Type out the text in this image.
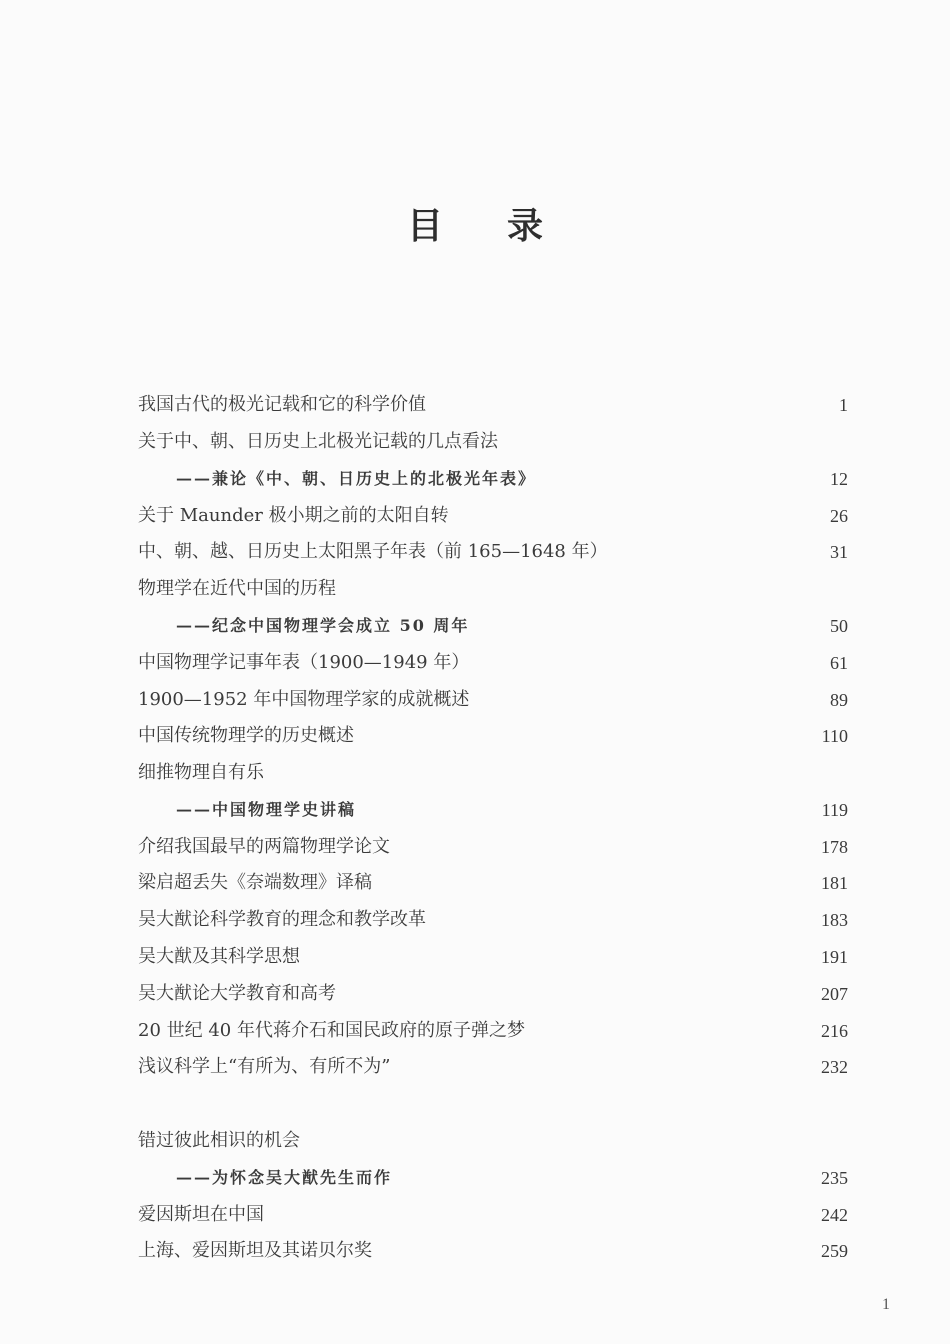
目 录
我国古代的极光记载和它的科学价值	1
关于中、朝、日历史上北极光记载的几点看法
——兼论《中、朝、日历史上的北极光年表》	12
关于 Maunder 极小期之前的太阳自转	26
中、朝、越、日历史上太阳黑子年表（前 165—1648 年）	31
物理学在近代中国的历程
——纪念中国物理学会成立 50 周年	50
中国物理学记事年表（1900—1949 年）	61
1900—1952 年中国物理学家的成就概述	89
中国传统物理学的历史概述	110
细推物理自有乐
——中国物理学史讲稿	119
介绍我国最早的两篇物理学论文	178
梁启超丢失《奈端数理》译稿	181
吴大猷论科学教育的理念和教学改革	183
吴大猷及其科学思想	191
吴大猷论大学教育和高考	207
20 世纪 40 年代蒋介石和国民政府的原子弹之梦	216
浅议科学上“有所为、有所不为”	232
错过彼此相识的机会
——为怀念吴大猷先生而作	235
爱因斯坦在中国	242
上海、爱因斯坦及其诺贝尔奖	259
1
